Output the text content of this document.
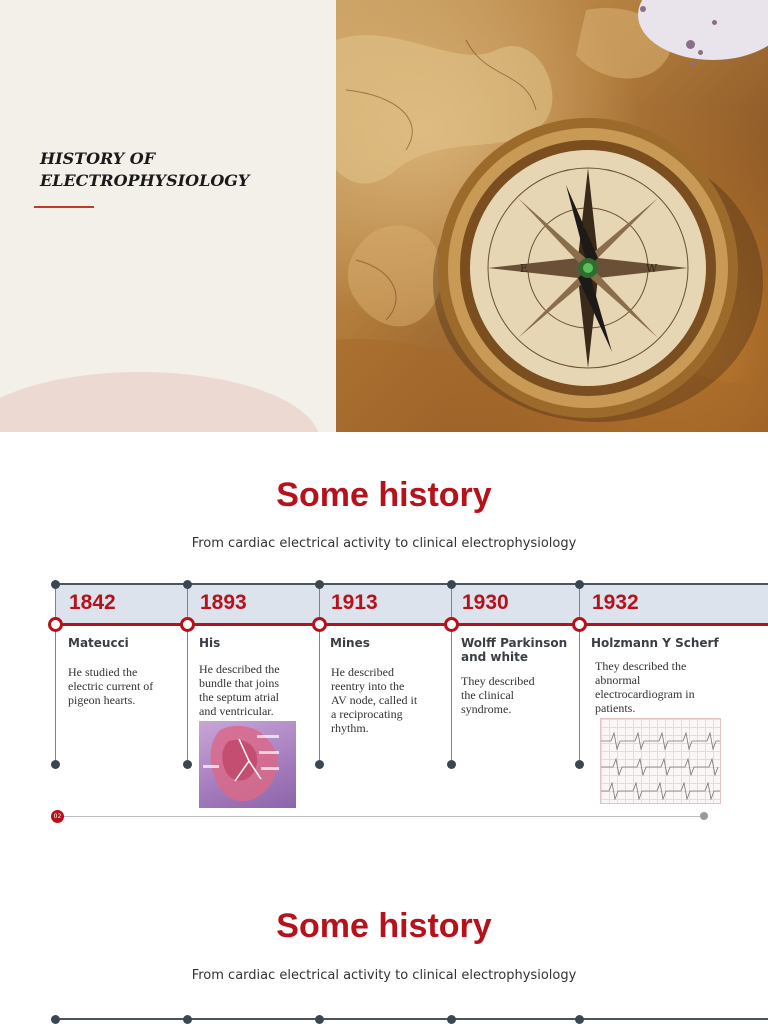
HISTORY OF
ELECTROPHYSIOLOGY
S
N
E	W
Some history
From cardiac electrical activity to clinical electrophysiology
1842
Mateucci
He studied the
electric current of
pigeon hearts.
1893
His
He described the
bundle that joins
the septum atrial
and ventricular.
1913
Mines
He described
reentry into the
AV node, called it
a reciprocating
rhythm.
1930
Wolff Parkinson and white
They described
the clinical
syndrome.
1932
Holzmann Y Scherf
They described the
abnormal
electrocardiogram in
patients.
02
Some history
From cardiac electrical activity to clinical electrophysiology
